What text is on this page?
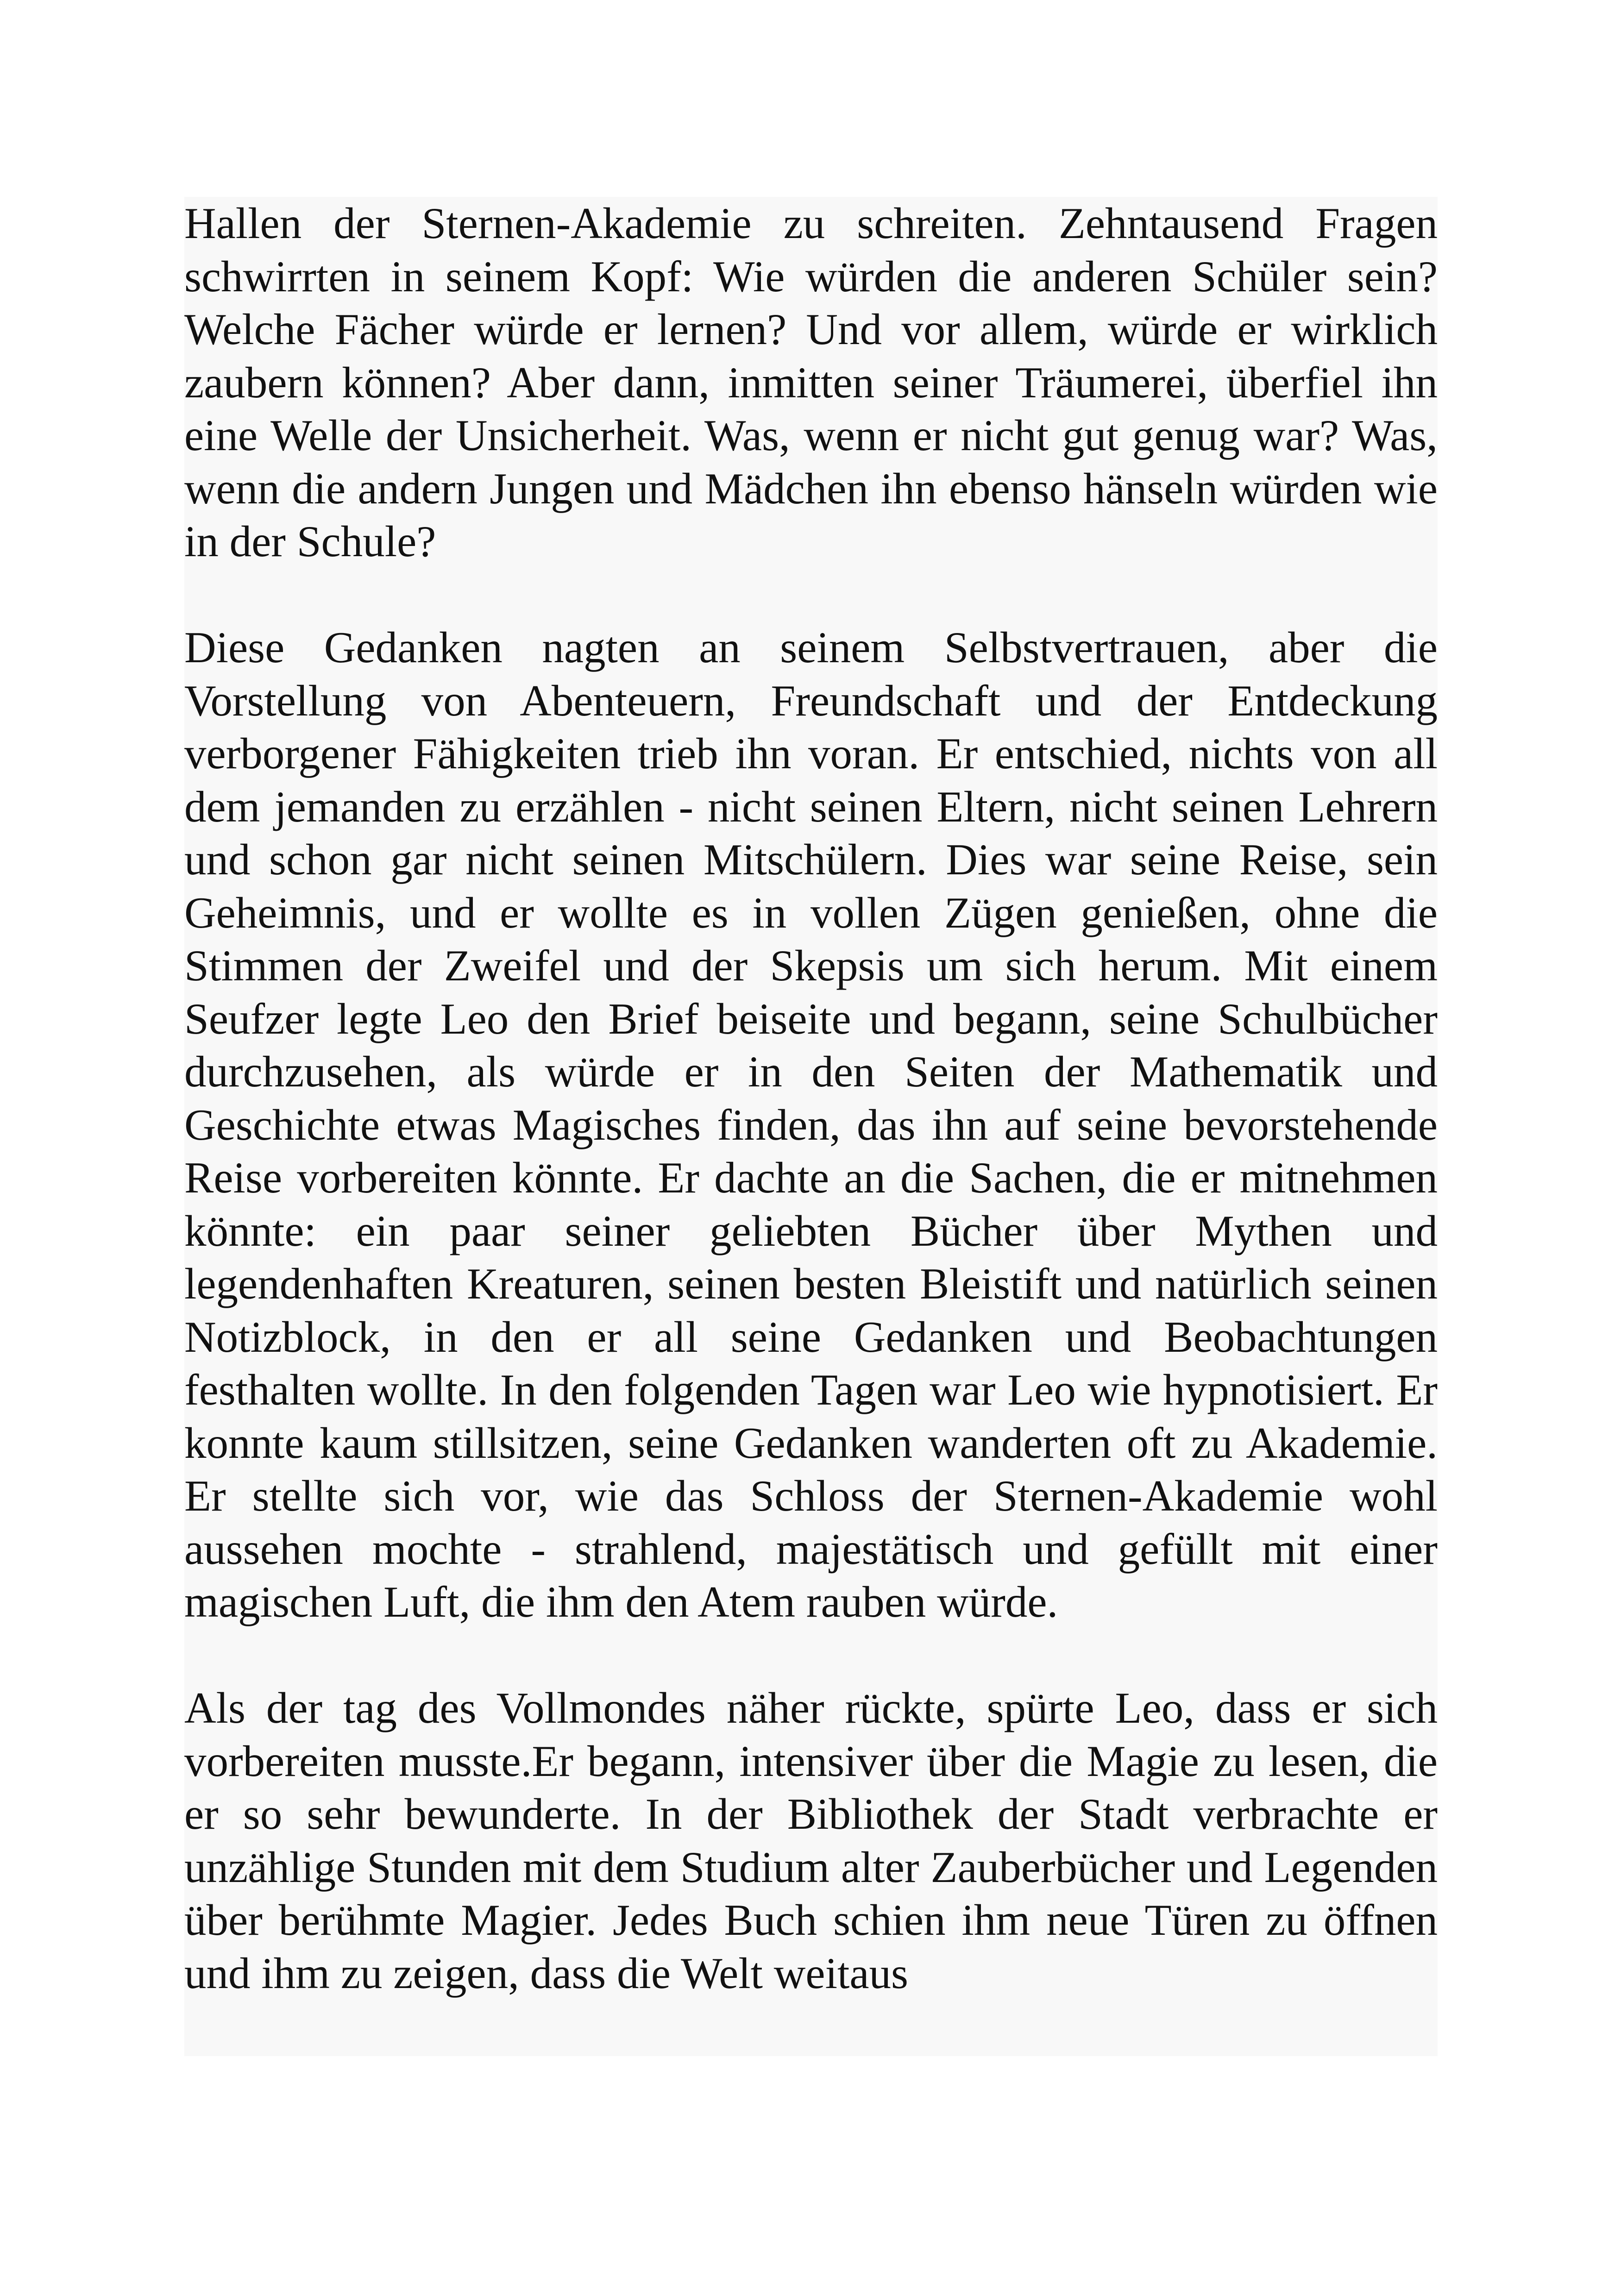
Hallen der Sternen-Akademie zu schreiten. Zehntausend Fragen schwirrten in seinem Kopf: Wie würden die anderen Schüler sein? Welche Fächer würde er lernen? Und vor allem, würde er wirklich zaubern können? Aber dann, inmitten seiner Träumerei, überfiel ihn eine Welle der Unsicherheit. Was, wenn er nicht gut genug war? Was, wenn die andern Jungen und Mädchen ihn ebenso hänseln würden wie in der Schule?

Diese Gedanken nagten an seinem Selbstvertrauen, aber die Vorstellung von Abenteuern, Freundschaft und der Entdeckung verborgener Fähigkeiten trieb ihn voran. Er entschied, nichts von all dem jemanden zu erzählen - nicht seinen Eltern, nicht seinen Lehrern und schon gar nicht seinen Mitschülern. Dies war seine Reise, sein Geheimnis, und er wollte es in vollen Zügen genießen, ohne die Stimmen der Zweifel und der Skepsis um sich herum. Mit einem Seufzer legte Leo den Brief beiseite und begann, seine Schulbücher durchzusehen, als würde er in den Seiten der Mathematik und Geschichte etwas Magisches finden, das ihn auf seine bevorstehende Reise vorbereiten könnte. Er dachte an die Sachen, die er mitnehmen könnte: ein paar seiner geliebten Bücher über Mythen und legendenhaften Kreaturen, seinen besten Bleistift und natürlich seinen Notizblock, in den er all seine Gedanken und Beobachtungen festhalten wollte. In den folgenden Tagen war Leo wie hypnotisiert. Er konnte kaum stillsitzen, seine Gedanken wanderten oft zu Akademie. Er stellte sich vor, wie das Schloss der Sternen-Akademie wohl aussehen mochte - strahlend, majestätisch und gefüllt mit einer magischen Luft, die ihm den Atem rauben würde.

Als der tag des Vollmondes näher rückte, spürte Leo, dass er sich vorbereiten musste.Er begann, intensiver über die Magie zu lesen, die er so sehr bewunderte. In der Bibliothek der Stadt verbrachte er unzählige Stunden mit dem Studium alter Zauberbücher und Legenden über berühmte Magier. Jedes Buch schien ihm neue Türen zu öffnen und ihm zu zeigen, dass die Welt weitaus
